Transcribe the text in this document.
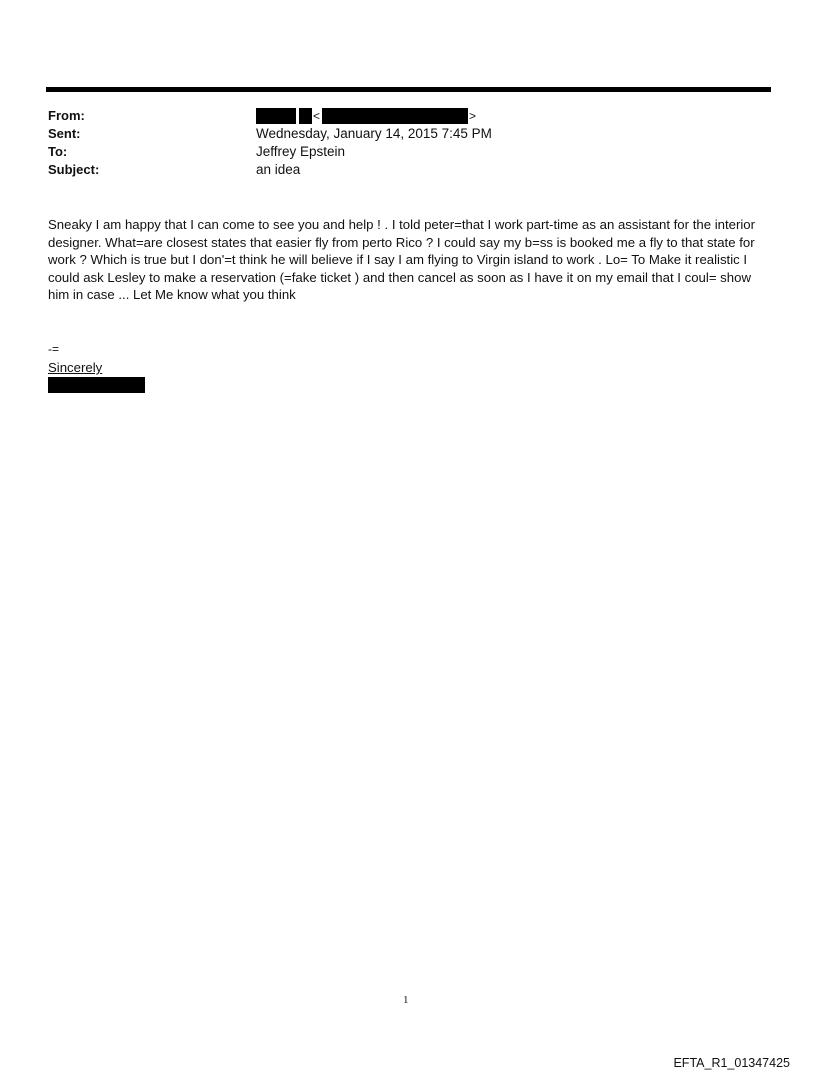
From:
Sent:
To:
Subject:
<	>
Wednesday, January 14, 2015 7:45 PM
Jeffrey Epstein
an idea
Sneaky I am happy that I can come to see you and help ! . I told peter=that I work part-time as an assistant for the interior designer. What=are closest states that easier fly from perto Rico ? I could say my b=ss is booked me a fly to that state for work ? Which is true but I don'=t think he will believe if I say I am flying to Virgin island to work . Lo= To Make it realistic I could ask Lesley to make a reservation (=fake ticket ) and then cancel as soon as I have it on my email that I coul= show him in case ... Let Me know what you think
-=
Sincerely
1
EFTA_R1_01347425
